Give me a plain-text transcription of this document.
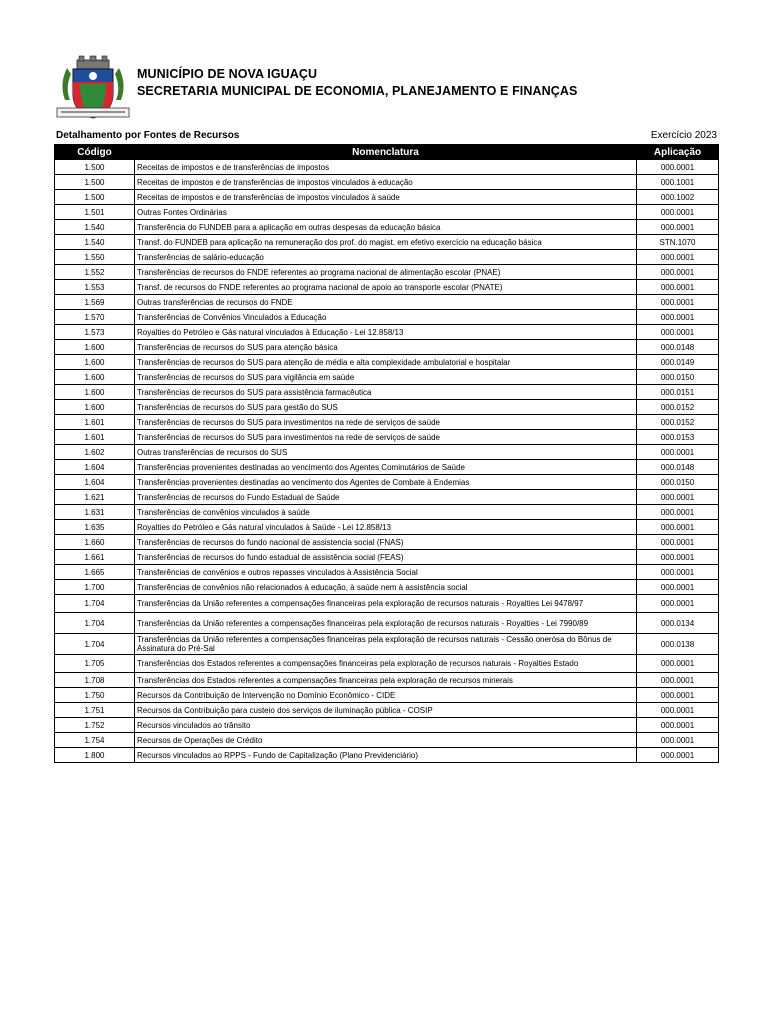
MUNICÍPIO DE NOVA IGUAÇU
SECRETARIA MUNICIPAL DE ECONOMIA, PLANEJAMENTO E FINANÇAS
Detalhamento por Fontes de Recursos	Exercício 2023
Código	Nomenclatura	Aplicação
1.500	Receitas de impostos e de transferências de impostos	000.0001
1.500	Receitas de impostos e de transferências de impostos vinculados à educação	000.1001
1.500	Receitas de impostos e de transferências de impostos vinculados à saúde	000.1002
1.501	Outras Fontes Ordinárias	000.0001
1.540	Transferência do FUNDEB para a aplicação em outras despesas da educação básica	000.0001
1.540	Transf. do FUNDEB para aplicação na remuneração dos prof. do magist. em efetivo exercício na educação básica	STN.1070
1.550	Transferências de salário-educação	000.0001
1.552	Transferências de recursos do FNDE referentes ao programa nacional de alimentação escolar (PNAE)	000.0001
1.553	Transf. de recursos do FNDE referentes ao programa nacional de apoio ao transporte escolar (PNATE)	000.0001
1.569	Outras transferências de recursos do FNDE	000.0001
1.570	Transferências de Convênios Vinculados a Educação	000.0001
1.573	Royalties do Petróleo e Gás natural vinculados à Educação - Lei 12.858/13	000.0001
1.600	Transferências de recursos do SUS para atenção básica	000.0148
1.600	Transferências de recursos do SUS para atenção de média e alta complexidade ambulatorial e hospitalar	000.0149
1.600	Transferências de recursos do SUS para vigilância em saúde	000.0150
1.600	Transferências de recursos do SUS para assistência farmacêutica	000.0151
1.600	Transferências de recursos do SUS para gestão do SUS	000.0152
1.601	Transferências de recursos do SUS para investimentos na rede de serviços de saúde	000.0152
1.601	Transferências de recursos do SUS para investimentos na rede de serviços de saúde	000.0153
1.602	Outras transferências de recursos do SUS	000.0001
1.604	Transferências provenientes destinadas ao vencimento dos Agentes Cominutários de Saúde	000.0148
1.604	Transferências provenientes destinadas ao vencimento dos Agentes de Combate à Endemias	000.0150
1.621	Transferências de recursos do Fundo Estadual de Saúde	000.0001
1.631	Transferências de convênios vinculados à saúde	000.0001
1.635	Royalties do Petróleo e Gás natural vinculados à Saúde - Lei 12.858/13	000.0001
1.660	Transferências de recursos do fundo nacional de assistencia social (FNAS)	000.0001
1.661	Transferências de recursos do fundo estadual de assistência social (FEAS)	000.0001
1.665	Transferências de convênios e outros repasses vinculados à Assistência Social	000.0001
1.700	Transferências de convênios não relacionados à educação, à saúde nem à assistência social	000.0001
1.704	Transferências da União referentes a compensações financeiras pela exploração de recursos naturais - Royalties Lei 9478/97	000.0001
1.704	Transferências da União referentes a compensações financeiras pela exploração de recursos naturais - Royalties - Lei 7990/89	000.0134
1.704	Transferências da União referentes a compensações financeiras pela exploração de recursos naturais - Cessão onerósa do Bônus de Assinatura do Pré-Sal	000.0138
1.705	Transferências dos Estados referentes a compensações financeiras pela exploração de recursos naturais - Royalties Estado	000.0001
1.708	Transferências dos Estados referentes a compensações financeiras pela exploração de recursos minerais	000.0001
1.750	Recursos da Contribuição de Intervenção no Domínio Econômico - CIDE	000.0001
1.751	Recursos da Contribuição para custeio dos serviços de iluminação pública - COSIP	000.0001
1.752	Recursos vinculados ao trânsito	000.0001
1.754	Recursos de Operações de Crédito	000.0001
1.800	Recursos vinculados ao RPPS - Fundo de Capitalização (Plano Previdenciário)	000.0001
